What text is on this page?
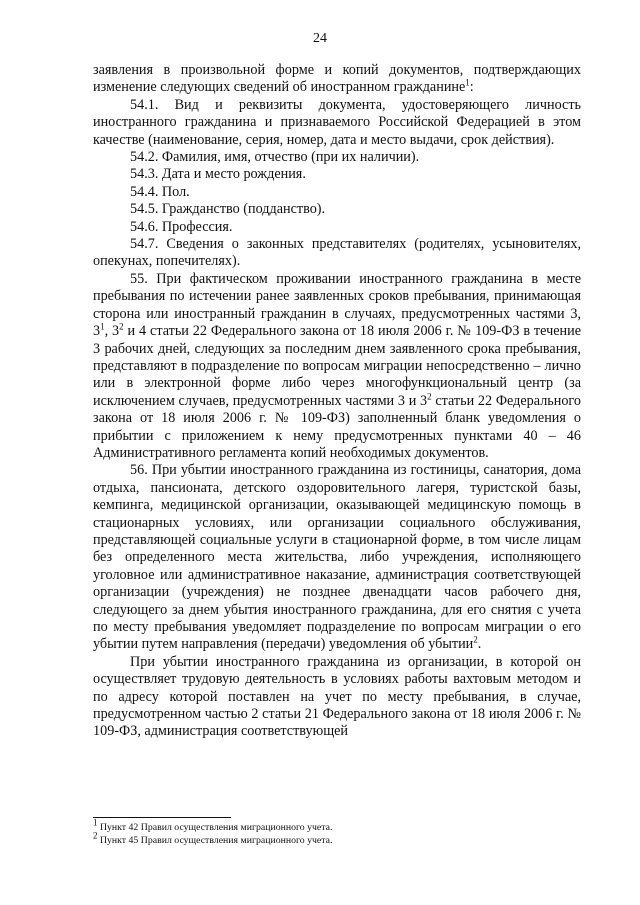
24

заявления в произвольной форме и копий документов, подтверждающих изменение следующих сведений об иностранном гражданине$^1$:

54.1. Вид и реквизиты документа, удостоверяющего личность иностранного гражданина и признаваемого Российской Федерацией в этом качестве (наименование, серия, номер, дата и место выдачи, срок действия).

54.2. Фамилия, имя, отчество (при их наличии).

54.3. Дата и место рождения.

54.4. Пол.

54.5. Гражданство (подданство).

54.6. Профессия.

54.7. Сведения о законных представителях (родителях, усыновителях, опекунах, попечителях).

55. При фактическом проживании иностранного гражданина в месте пребывания по истечении ранее заявленных сроков пребывания, принимающая сторона или иностранный гражданин в случаях, предусмотренных частями 3, $3^1$, $3^2$ и 4 статьи 22 Федерального закона от 18 июля 2006 г. № 109-ФЗ в течение 3 рабочих дней, следующих за последним днем заявленного срока пребывания, представляют в подразделение по вопросам миграции непосредственно – лично или в электронной форме либо через многофункциональный центр (за исключением случаев, предусмотренных частями 3 и $3^2$ статьи 22 Федерального закона от 18 июля 2006 г. № 109-ФЗ) заполненный бланк уведомления о прибытии с приложением к нему предусмотренных пунктами 40 – 46 Административного регламента копий необходимых документов.

56. При убытии иностранного гражданина из гостиницы, санатория, дома отдыха, пансионата, детского оздоровительного лагеря, туристской базы, кемпинга, медицинской организации, оказывающей медицинскую помощь в стационарных условиях, или организации социального обслуживания, представляющей социальные услуги в стационарной форме, в том числе лицам без определенного места жительства, либо учреждения, исполняющего уголовное или административное наказание, администрация соответствующей организации (учреждения) не позднее двенадцати часов рабочего дня, следующего за днем убытия иностранного гражданина, для его снятия с учета по месту пребывания уведомляет подразделение по вопросам миграции о его убытии путем направления (передачи) уведомления об убытии$^2$.

При убытии иностранного гражданина из организации, в которой он осуществляет трудовую деятельность в условиях работы вахтовым методом и по адресу которой поставлен на учет по месту пребывания, в случае, предусмотренном частью 2 статьи 21 Федерального закона от 18 июля 2006 г. № 109-ФЗ, администрация соответствующей

$^1$ Пункт 42 Правил осуществления миграционного учета.
$^2$ Пункт 45 Правил осуществления миграционного учета.
